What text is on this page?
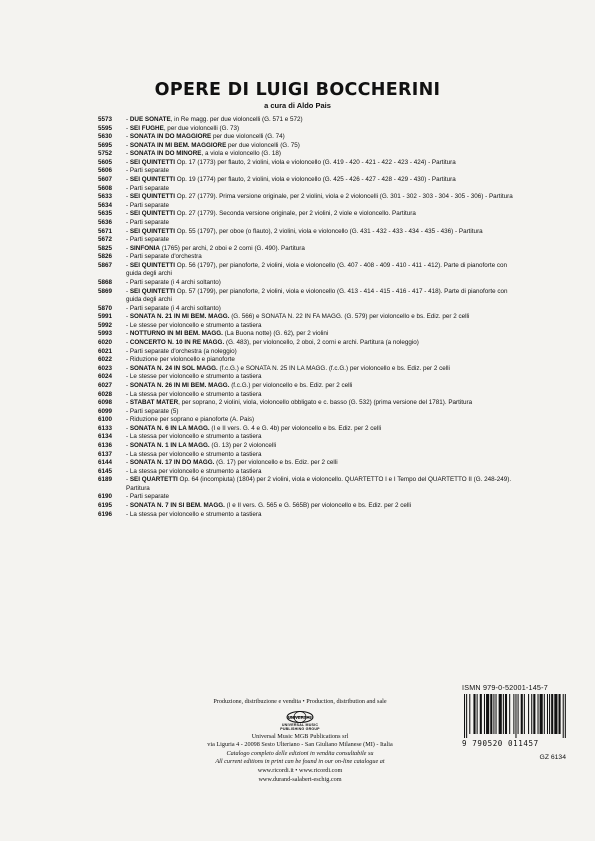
OPERE DI LUIGI BOCCHERINI
a cura di Aldo Pais
5573	- DUE SONATE, in Re magg. per due violoncelli (G. 571 e 572)
5595	- SEI FUGHE, per due violoncelli (G. 73)
5630	- SONATA IN DO MAGGIORE per due violoncelli (G. 74)
5695	- SONATA IN MI BEM. MAGGIORE per due violoncelli (G. 75)
5752	- SONATA IN DO MINORE, a viola e violoncello (G. 18)
5605	- SEI QUINTETTI Op. 17 (1773) per flauto, 2 violini, viola e violoncello (G. 419 - 420 - 421 - 422 - 423 - 424) - Partitura
5606	- Parti separate
5607	- SEI QUINTETTI Op. 19 (1774) per flauto, 2 violini, viola e violoncello (G. 425 - 426 - 427 - 428 - 429 - 430) - Partitura
5608	- Parti separate
5633	- SEI QUINTETTI Op. 27 (1779). Prima versione originale, per 2 violini, viola e 2 violoncelli (G. 301 - 302 - 303 - 304 - 305 - 306) - Partitura
5634	- Parti separate
5635	- SEI QUINTETTI Op. 27 (1779). Seconda versione originale, per 2 violini, 2 viole e violoncello. Partitura
5636	- Parti separate
5671	- SEI QUINTETTI Op. 55 (1797), per oboe (o flauto), 2 violini, viola e violoncello (G. 431 - 432 - 433 - 434 - 435 - 436) - Partitura
5672	- Parti separate
5825	- SINFONIA (1765) per archi, 2 oboi e 2 corni (G. 490). Partitura
5826	- Parti separate d'orchestra
5867	- SEI QUINTETTI Op. 56 (1797), per pianoforte, 2 violini, viola e violoncello (G. 407 - 408 - 409 - 410 - 411 - 412). Parte di pianoforte con guida degli archi
5868	- Parti separate (i 4 archi soltanto)
5869	- SEI QUINTETTI Op. 57 (1799), per pianoforte, 2 violini, viola e violoncello (G. 413 - 414 - 415 - 416 - 417 - 418). Parte di pianoforte con guida degli archi
5870	- Parti separate (i 4 archi soltanto)
5991	- SONATA N. 21 IN MI BEM. MAGG. (G. 566) e SONATA N. 22 IN FA MAGG. (G. 579) per violoncello e bs. Ediz. per 2 celli
5992	- Le stesse per violoncello e strumento a tastiera
5993	- NOTTURNO IN MI BEM. MAGG. (La Buona notte) (G. 62), per 2 violini
6020	- CONCERTO N. 10 IN RE MAGG. (G. 483), per violoncello, 2 oboi, 2 corni e archi. Partitura (a noleggio)
6021	- Parti separate d'orchestra (a noleggio)
6022	- Riduzione per violoncello e pianoforte
6023	- SONATA N. 24 IN SOL MAGG. (f.c.G.) e SONATA N. 25 IN LA MAGG. (f.c.G.) per violoncello e bs. Ediz. per 2 celli
6024	- Le stesse per violoncello e strumento a tastiera
6027	- SONATA N. 26 IN MI BEM. MAGG. (f.c.G.) per violoncello e bs. Ediz. per 2 celli
6028	- La stessa per violoncello e strumento a tastiera
6098	- STABAT MATER, per soprano, 2 violini, viola, violoncello obbligato e c. basso (G. 532) (prima versione del 1781). Partitura
6099	- Parti separate (5)
6100	- Riduzione per soprano e pianoforte (A. Pais)
6133	- SONATA N. 6 IN LA MAGG. (I e II vers. G. 4 e G. 4b) per violoncello e bs. Ediz. per 2 celli
6134	- La stessa per violoncello e strumento a tastiera
6136	- SONATA N. 1 IN LA MAGG. (G. 13) per 2 violoncelli
6137	- La stessa per violoncello e strumento a tastiera
6144	- SONATA N. 17 IN DO MAGG. (G. 17) per violoncello e bs. Ediz. per 2 celli
6145	- La stessa per violoncello e strumento a tastiera
6189	- SEI QUARTETTI Op. 64 (incompiuta) (1804) per 2 violini, viola e violoncello. QUARTETTO I e I Tempo del QUARTETTO II (G. 248-249). Partitura
6190	- Parti separate
6195	- SONATA N. 7 IN SI BEM. MAGG. (I e II vers. G. 565 e G. 565B) per violoncello e bs. Ediz. per 2 celli
6196	- La stessa per violoncello e strumento a tastiera
Produzione, distribuzione e vendita • Production, distribution and sale
UNIVERSAL
UNIVERSAL MUSIC
PUBLISHING GROUP
Universal Music MGB Publications srl
via Liguria 4 - 20098 Sesto Ulteriano - San Giuliano Milanese (MI) - Italia
Catalogo completo delle edizioni in vendita consultabile su
All current editions in print can be found in our on-line catalogue at
www.ricordi.it • www.ricordi.com
www.durand-salabert-eschig.com
ISMN 979-0-52001-145-7
9 790520 011457
GZ 6134
